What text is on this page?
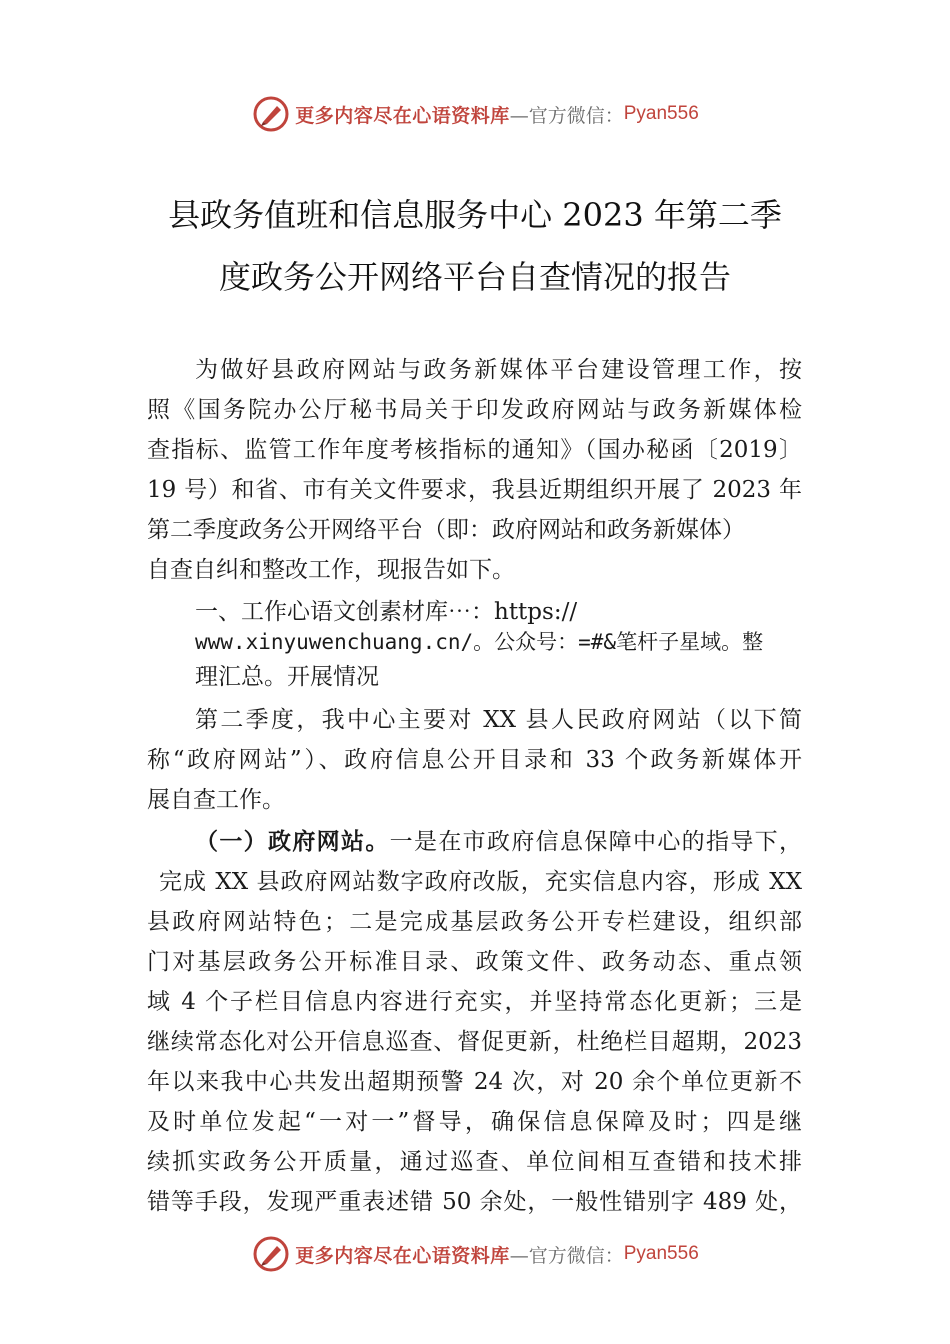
更多内容尽在心语资料库 —官方微信： Pyan556
县政务值班和信息服务中心 2023 年第二季
度政务公开网络平台自查情况的报告
为做好县政府网站与政务新媒体平台建设管理工作，按
照《国务院办公厅秘书局关于印发政府网站与政务新媒体检
查指标、监管工作年度考核指标的通知》（国办秘函〔2019〕
19 号）和省、市有关文件要求，我县近期组织开展了 2023 年
第二季度政务公开网络平台（即：政府网站和政务新媒体）
自查自纠和整改工作，现报告如下。
一、工作心语文创素材库⋯：https://
www.xinyuwenchuang.cn/。公众号：=#&笔杆子星域。整
理汇总。开展情况
第二季度，我中心主要对 XX 县人民政府网站（以下简
称“政府网站”）、政府信息公开目录和 33 个政务新媒体开
展自查工作。
（一）政府网站。一是在市政府信息保障中心的指导下，
完成 XX 县政府网站数字政府改版，充实信息内容，形成 XX
县政府网站特色；二是完成基层政务公开专栏建设，组织部
门对基层政务公开标准目录、政策文件、政务动态、重点领
域 4 个子栏目信息内容进行充实，并坚持常态化更新；三是
继续常态化对公开信息巡查、督促更新，杜绝栏目超期，2023
年以来我中心共发出超期预警 24 次，对 20 余个单位更新不
及时单位发起“一对一”督导，确保信息保障及时；四是继
续抓实政务公开质量，通过巡查、单位间相互查错和技术排
错等手段，发现严重表述错 50 余处，一般性错别字 489 处，
更多内容尽在心语资料库 —官方微信： Pyan556
